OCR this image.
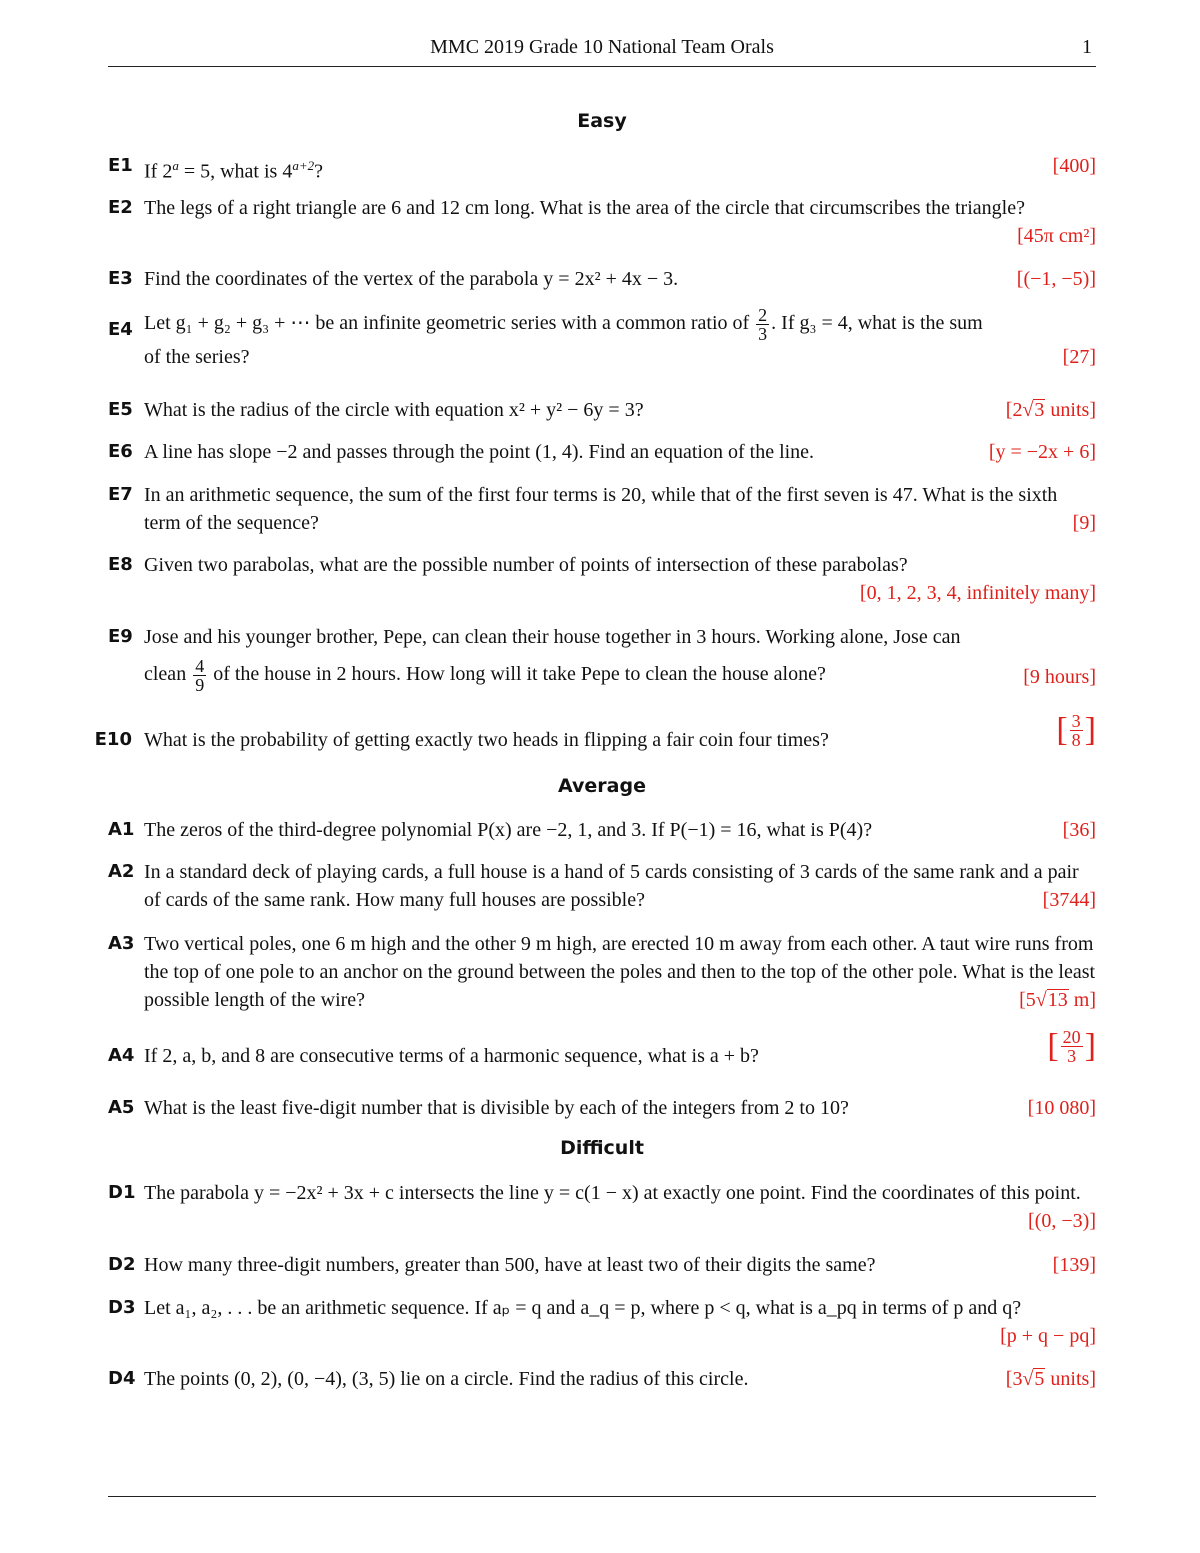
MMC 2019 Grade 10 National Team Orals	1
Easy
E1 If $2^a = 5$, what is $4^{a+2}$?	[400]
E2 The legs of a right triangle are 6 and 12 cm long. What is the area of the circle that circumscribes the triangle?
[45π cm²]
E3 Find the coordinates of the vertex of the parabola y = 2x² + 4x − 3.	[(−1, −5)]
E4 Let g₁ + g₂ + g₃ + ⋯ be an infinite geometric series with a common ratio of $\frac{2}{3}$ . If g₃ = 4, what is the sum
of the series?	[27]
E5 What is the radius of the circle with equation x² + y² − 6y = 3?	[2√3 units]
E6 A line has slope −2 and passes through the point (1, 4). Find an equation of the line.	[y = −2x + 6]
E7 In an arithmetic sequence, the sum of the first four terms is 20, while that of the first seven is 47. What is the sixth term of the sequence?	[9]
E8 Given two parabolas, what are the possible number of points of intersection of these parabolas?
[0, 1, 2, 3, 4, infinitely many]
E9 Jose and his younger brother, Pepe, can clean their house together in 3 hours. Working alone, Jose can
clean $\frac{4}{9}$ of the house in 2 hours. How long will it take Pepe to clean the house alone?	[9 hours]
E10 What is the probability of getting exactly two heads in flipping a fair coin four times?	[ $\frac{3}{8}$ ]
Average
A1 The zeros of the third-degree polynomial P(x) are −2, 1, and 3. If P(−1) = 16, what is P(4)?	[36]
A2 In a standard deck of playing cards, a full house is a hand of 5 cards consisting of 3 cards of the same rank and a pair of cards of the same rank. How many full houses are possible?	[3744]
A3 Two vertical poles, one 6 m high and the other 9 m high, are erected 10 m away from each other. A taut wire runs from the top of one pole to an anchor on the ground between the poles and then to the top of the other pole. What is the least possible length of the wire?	[5√13 m]
A4 If 2, a, b, and 8 are consecutive terms of a harmonic sequence, what is a + b?	[ $\frac{20}{3}$ ]
A5 What is the least five-digit number that is divisible by each of the integers from 2 to 10?	[10 080]
Difficult
D1 The parabola y = −2x² + 3x + c intersects the line y = c(1 − x) at exactly one point. Find the coordinates of this point.
[(0, −3)]
D2 How many three-digit numbers, greater than 500, have at least two of their digits the same?	[139]
D3 Let a₁, a₂, . . . be an arithmetic sequence. If aₚ = q and a_q = p, where p < q, what is a_pq in terms of p and q?
[p + q − pq]
D4 The points (0, 2), (0, −4), (3, 5) lie on a circle. Find the radius of this circle.	[3√5 units]
